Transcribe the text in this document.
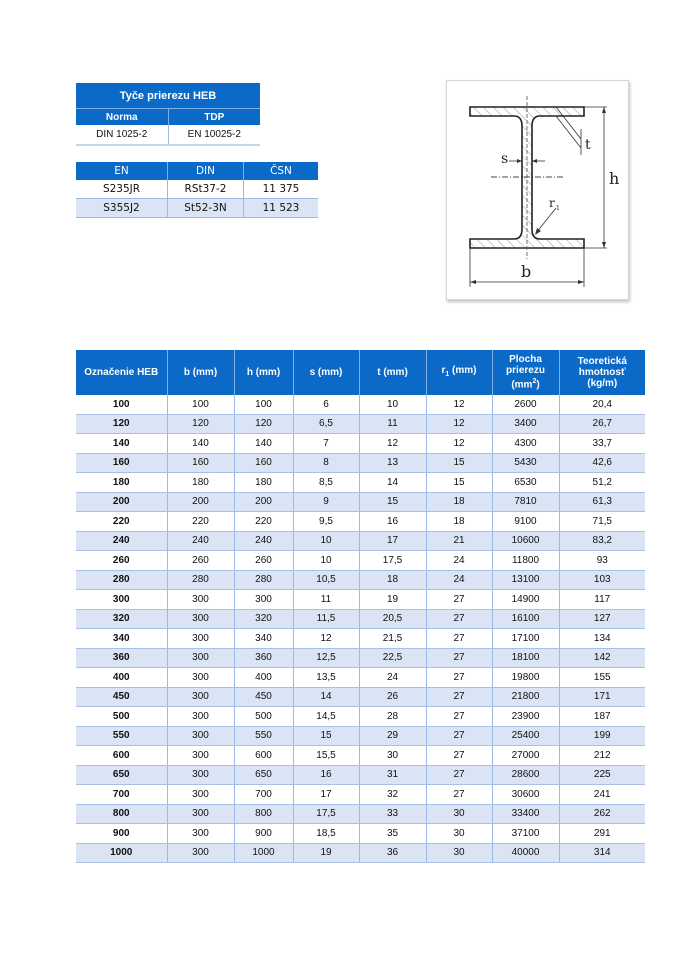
Tyče prierezu HEB	
Norma	TDP
DIN 1025-2	EN 10025-2
EN	DIN	ČSN
S235JR	RSt37-2	11 375
S355J2	St52-3N	11 523
s
t
h
r 1
b
Označenie HEB	b (mm)	h (mm)	s (mm)	t (mm)	$r_1$ (mm)	Plocha
prierezu
$(mm^2)$	Teoretická
hmotnosť
(kg/m)
100	100	100	6	10	12	2600	20,4
120	120	120	6,5	11	12	3400	26,7
140	140	140	7	12	12	4300	33,7
160	160	160	8	13	15	5430	42,6
180	180	180	8,5	14	15	6530	51,2
200	200	200	9	15	18	7810	61,3
220	220	220	9,5	16	18	9100	71,5
240	240	240	10	17	21	10600	83,2
260	260	260	10	17,5	24	11800	93
280	280	280	10,5	18	24	13100	103
300	300	300	11	19	27	14900	117
320	300	320	11,5	20,5	27	16100	127
340	300	340	12	21,5	27	17100	134
360	300	360	12,5	22,5	27	18100	142
400	300	400	13,5	24	27	19800	155
450	300	450	14	26	27	21800	171
500	300	500	14,5	28	27	23900	187
550	300	550	15	29	27	25400	199
600	300	600	15,5	30	27	27000	212
650	300	650	16	31	27	28600	225
700	300	700	17	32	27	30600	241
800	300	800	17,5	33	30	33400	262
900	300	900	18,5	35	30	37100	291
1000	300	1000	19	36	30	40000	314
